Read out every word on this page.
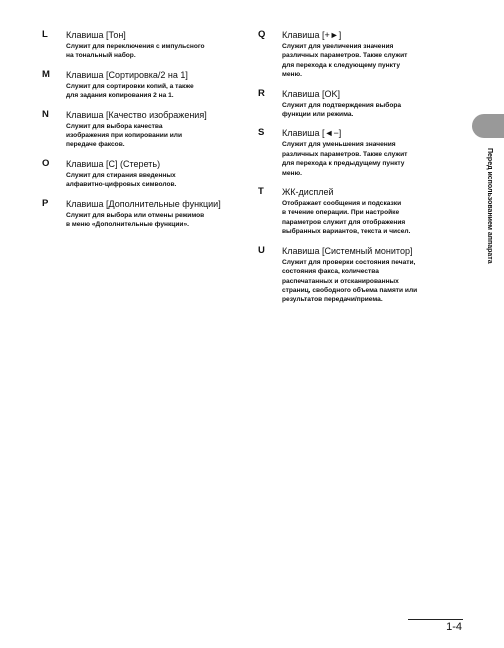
L Клавиша [Тон]
Служит для переключения с импульсного
на тональный набор.
M Клавиша [Сортировка/2 на 1]
Служит для сортировки копий, а также
для задания копирования 2 на 1.
N Клавиша [Качество изображения]
Служит для выбора качества
изображения при копировании или
передаче факсов.
O Клавиша [C] (Стереть)
Служит для стирания введенных
алфавитно-цифровых символов.
P Клавиша [Дополнительные функции]
Служит для выбора или отмены режимов
в меню «Дополнительные функции».
Q Клавиша [+►]
Служит для увеличения значения
различных параметров. Также служит
для перехода к следующему пункту
меню.
R Клавиша [OK]
Служит для подтверждения выбора
функции или режима.
S Клавиша [◄−]
Служит для уменьшения значения
различных параметров. Также служит
для перехода к предыдущему пункту
меню.
T ЖК-дисплей
Отображает сообщения и подсказки
в течение операции. При настройке
параметров служит для отображения
выбранных вариантов, текста и чисел.
U Клавиша [Системный монитор]
Служит для проверки состояния печати,
состояния факса, количества
распечатанных и отсканированных
страниц, свободного объема памяти или
результатов передачи/приема.
Перед использованием аппарата
1-4
